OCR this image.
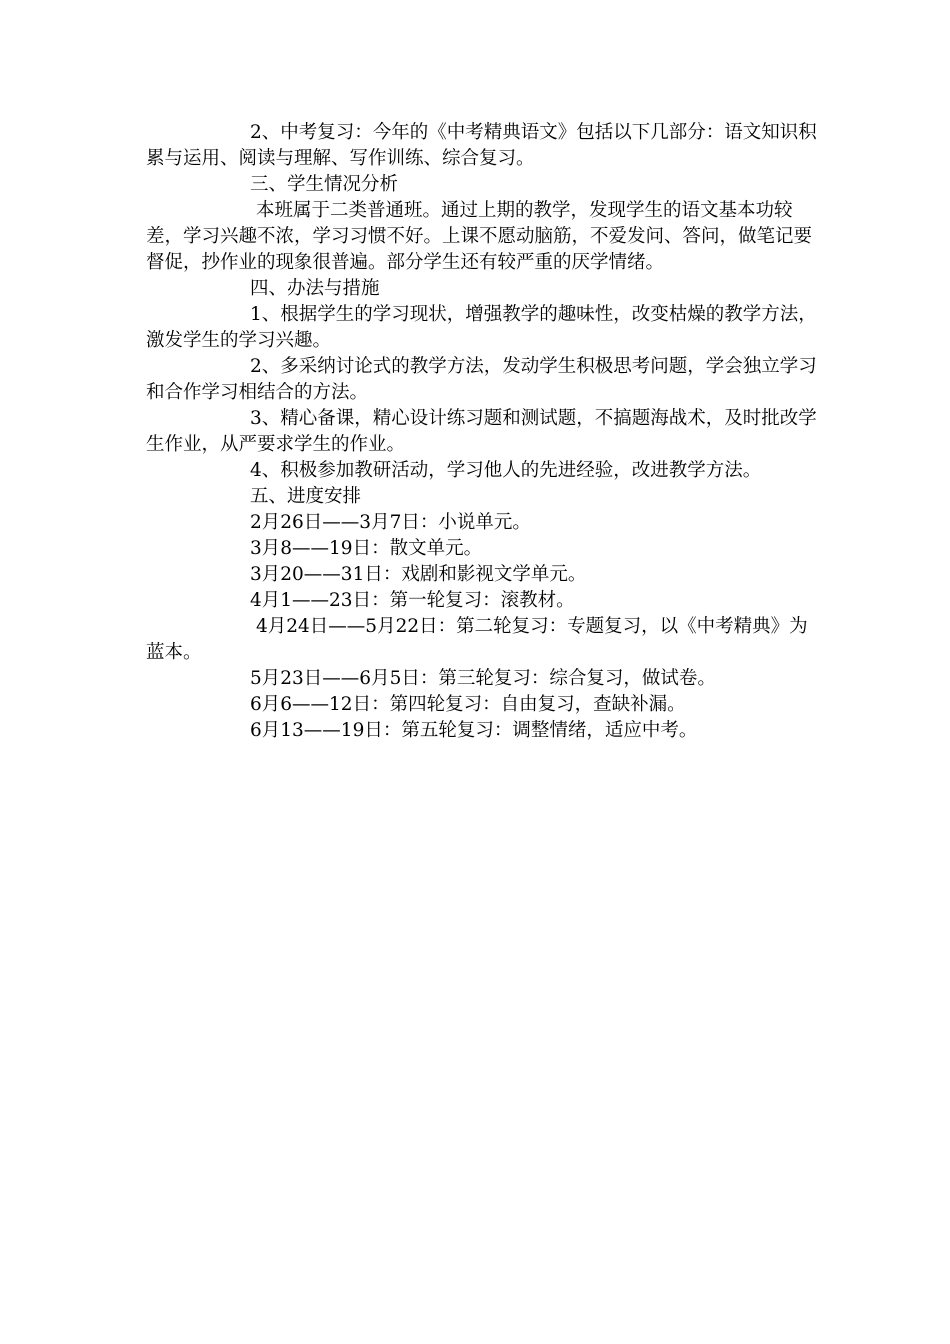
2、中考复习：今年的《中考精典语文》包括以下几部分：语文知识积累与运用、阅读与理解、写作训练、综合复习。

三、学生情况分析

本班属于二类普通班。通过上期的教学，发现学生的语文基本功较差，学习兴趣不浓，学习习惯不好。上课不愿动脑筋，不爱发问、答问，做笔记要督促，抄作业的现象很普遍。部分学生还有较严重的厌学情绪。

四、办法与措施

1、根据学生的学习现状，增强教学的趣味性，改变枯燥的教学方法，激发学生的学习兴趣。

2、多采纳讨论式的教学方法，发动学生积极思考问题，学会独立学习和合作学习相结合的方法。

3、精心备课，精心设计练习题和测试题，不搞题海战术，及时批改学生作业，从严要求学生的作业。

4、积极参加教研活动，学习他人的先进经验，改进教学方法。

五、进度安排

2月26日——3月7日：小说单元。

3月8——19日：散文单元。

3月20——31日：戏剧和影视文学单元。

4月1——23日：第一轮复习：滚教材。

4月24日——5月22日：第二轮复习：专题复习，以《中考精典》为蓝本。

5月23日——6月5日：第三轮复习：综合复习，做试卷。

6月6——12日：第四轮复习：自由复习，查缺补漏。

6月13——19日：第五轮复习：调整情绪，适应中考。
